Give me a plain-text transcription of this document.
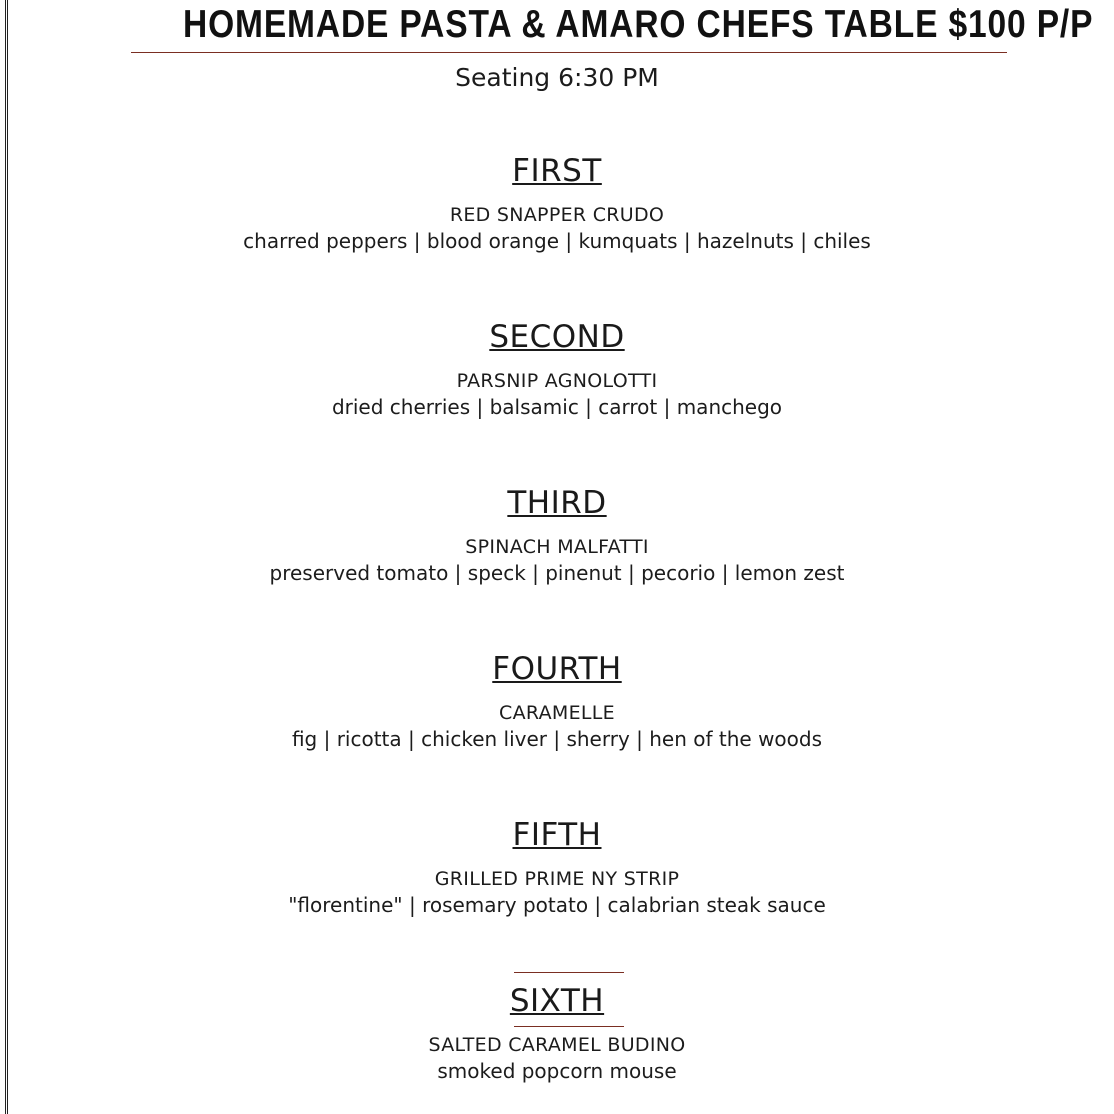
HOMEMADE PASTA & AMARO CHEFS TABLE $100 P/P
Seating 6:30 PM
FIRST
RED SNAPPER CRUDO
charred peppers | blood orange | kumquats | hazelnuts | chiles
SECOND
PARSNIP AGNOLOTTI
dried cherries | balsamic | carrot | manchego
THIRD
SPINACH MALFATTI
preserved tomato | speck | pinenut | pecorio | lemon zest
FOURTH
CARAMELLE
fig | ricotta | chicken liver | sherry | hen of the woods
FIFTH
GRILLED PRIME NY STRIP
"florentine" | rosemary potato | calabrian steak sauce
SIXTH
SALTED CARAMEL BUDINO
smoked popcorn mouse
